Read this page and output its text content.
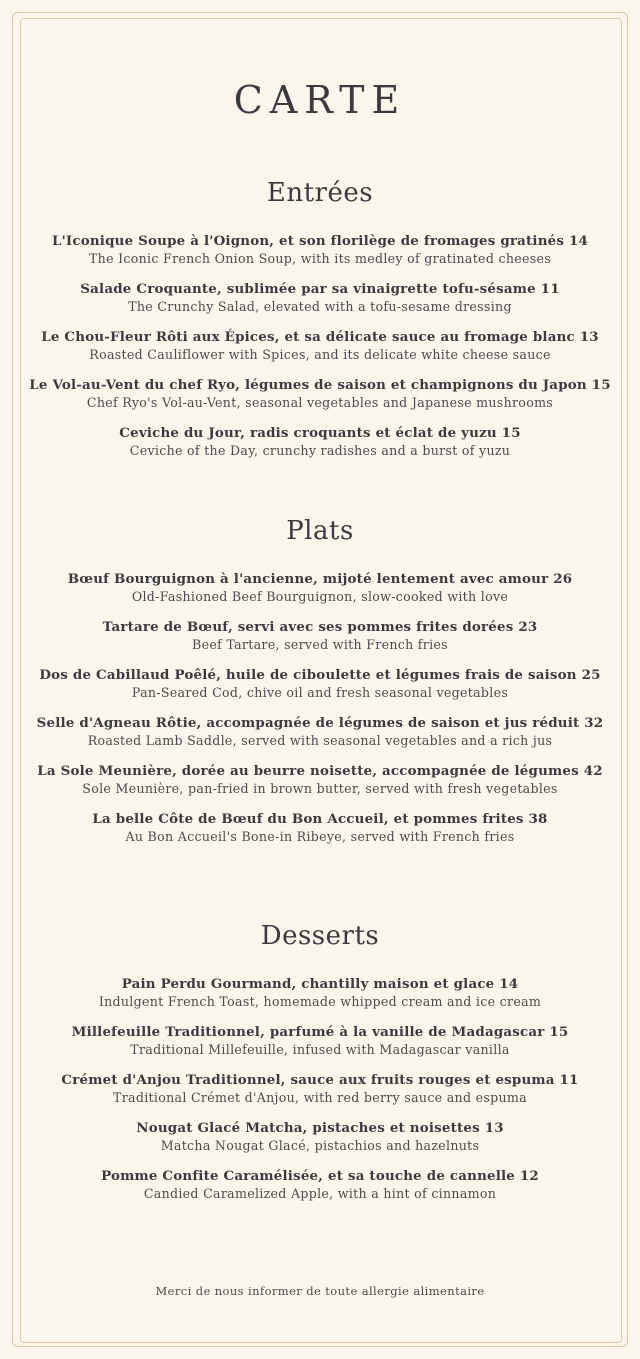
CARTE
Entrées
L'Iconique Soupe à l'Oignon, et son florilège de fromages gratinés 14
The Iconic French Onion Soup, with its medley of gratinated cheeses
Salade Croquante, sublimée par sa vinaigrette tofu-sésame 11
The Crunchy Salad, elevated with a tofu-sesame dressing
Le Chou-Fleur Rôti aux Épices, et sa délicate sauce au fromage blanc 13
Roasted Cauliflower with Spices, and its delicate white cheese sauce
Le Vol-au-Vent du chef Ryo, légumes de saison et champignons du Japon 15
Chef Ryo's Vol-au-Vent, seasonal vegetables and Japanese mushrooms
Ceviche du Jour, radis croquants et éclat de yuzu 15
Ceviche of the Day, crunchy radishes and a burst of yuzu
Plats
Bœuf Bourguignon à l'ancienne, mijoté lentement avec amour 26
Old-Fashioned Beef Bourguignon, slow-cooked with love
Tartare de Bœuf, servi avec ses pommes frites dorées 23
Beef Tartare, served with French fries
Dos de Cabillaud Poêlé, huile de ciboulette et légumes frais de saison 25
Pan-Seared Cod, chive oil and fresh seasonal vegetables
Selle d'Agneau Rôtie, accompagnée de légumes de saison et jus réduit 32
Roasted Lamb Saddle, served with seasonal vegetables and a rich jus
La Sole Meunière, dorée au beurre noisette, accompagnée de légumes 42
Sole Meunière, pan-fried in brown butter, served with fresh vegetables
La belle Côte de Bœuf du Bon Accueil, et pommes frites 38
Au Bon Accueil's Bone-in Ribeye, served with French fries
Desserts
Pain Perdu Gourmand, chantilly maison et glace 14
Indulgent French Toast, homemade whipped cream and ice cream
Millefeuille Traditionnel, parfumé à la vanille de Madagascar 15
Traditional Millefeuille, infused with Madagascar vanilla
Crémet d'Anjou Traditionnel, sauce aux fruits rouges et espuma 11
Traditional Crémet d'Anjou, with red berry sauce and espuma
Nougat Glacé Matcha, pistaches et noisettes 13
Matcha Nougat Glacé, pistachios and hazelnuts
Pomme Confite Caramélisée, et sa touche de cannelle 12
Candied Caramelized Apple, with a hint of cinnamon
Merci de nous informer de toute allergie alimentaire
